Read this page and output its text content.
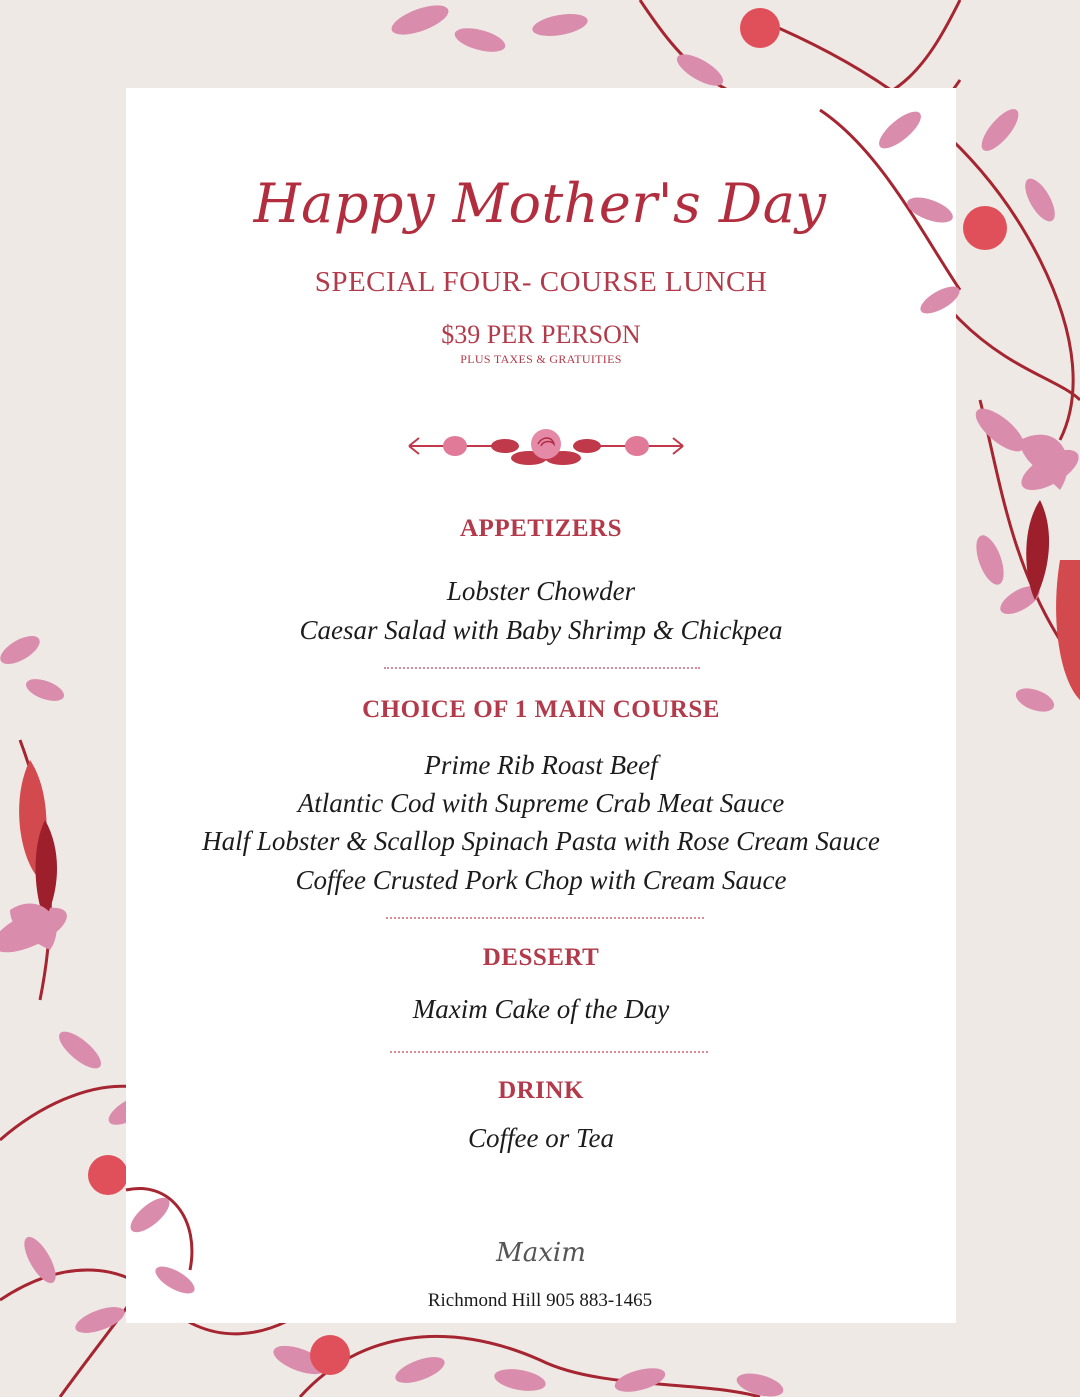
Happy Mother's Day
SPECIAL FOUR- COURSE LUNCH
$39 PER PERSON
PLUS TAXES & GRATUITIES
APPETIZERS
Lobster Chowder
Caesar Salad with Baby Shrimp & Chickpea
CHOICE OF 1 MAIN COURSE
Prime Rib Roast Beef
Atlantic Cod with Supreme Crab Meat Sauce
Half Lobster & Scallop Spinach Pasta with Rose Cream Sauce
Coffee Crusted Pork Chop with Cream Sauce
DESSERT
Maxim Cake of the Day
DRINK
Coffee or Tea
Maxim
Richmond Hill 905 883-1465
